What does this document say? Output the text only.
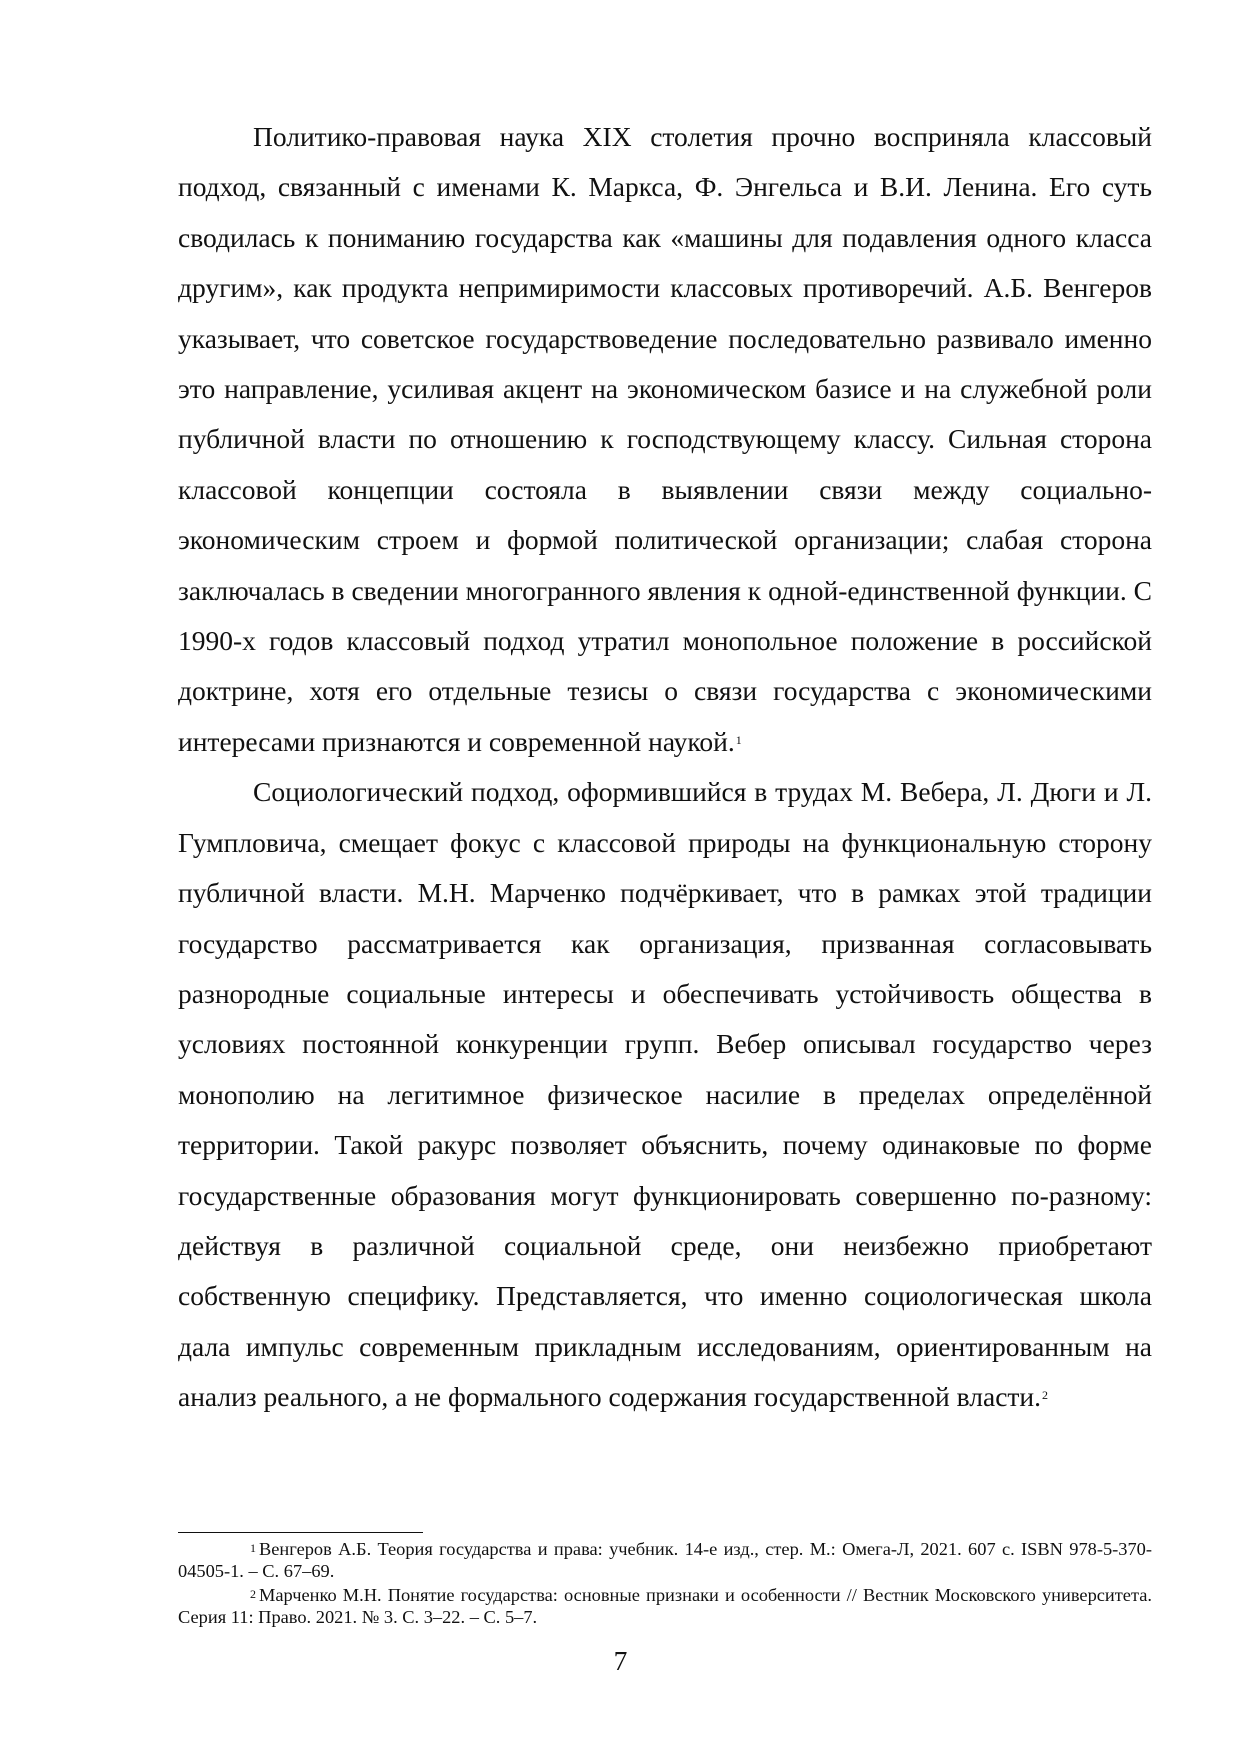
Политико-правовая наука XIX столетия прочно восприняла классовый подход, связанный с именами К. Маркса, Ф. Энгельса и В.И. Ленина. Его суть сводилась к пониманию государства как «машины для подавления одного класса другим», как продукта непримиримости классовых противоречий. А.Б. Венгеров указывает, что советское государствоведение последовательно развивало именно это направление, усиливая акцент на экономическом базисе и на служебной роли публичной власти по отношению к господствующему классу. Сильная сторона классовой концепции состояла в выявлении связи между социально-экономическим строем и формой политической организации; слабая сторона заключалась в сведении многогранного явления к одной-единственной функции. С 1990-х годов классовый подход утратил монопольное положение в российской доктрине, хотя его отдельные тезисы о связи государства с экономическими интересами признаются и современной наукой.$^1$

Социологический подход, оформившийся в трудах М. Вебера, Л. Дюги и Л. Гумпловича, смещает фокус с классовой природы на функциональную сторону публичной власти. М.Н. Марченко подчёркивает, что в рамках этой традиции государство рассматривается как организация, призванная согласовывать разнородные социальные интересы и обеспечивать устойчивость общества в условиях постоянной конкуренции групп. Вебер описывал государство через монополию на легитимное физическое насилие в пределах определённой территории. Такой ракурс позволяет объяснить, почему одинаковые по форме государственные образования могут функционировать совершенно по-разному: действуя в различной социальной среде, они неизбежно приобретают собственную специфику. Представляется, что именно социологическая школа дала импульс современным прикладным исследованиям, ориентированным на анализ реального, а не формального содержания государственной власти.$^2$

$^1$ Венгеров А.Б. Теория государства и права: учебник. 14-е изд., стер. М.: Омега-Л, 2021. 607 с. ISBN 978-5-370-04505-1. – С. 67–69.

$^2$ Марченко М.Н. Понятие государства: основные признаки и особенности // Вестник Московского университета. Серия 11: Право. 2021. № 3. С. 3–22. – С. 5–7.

7
